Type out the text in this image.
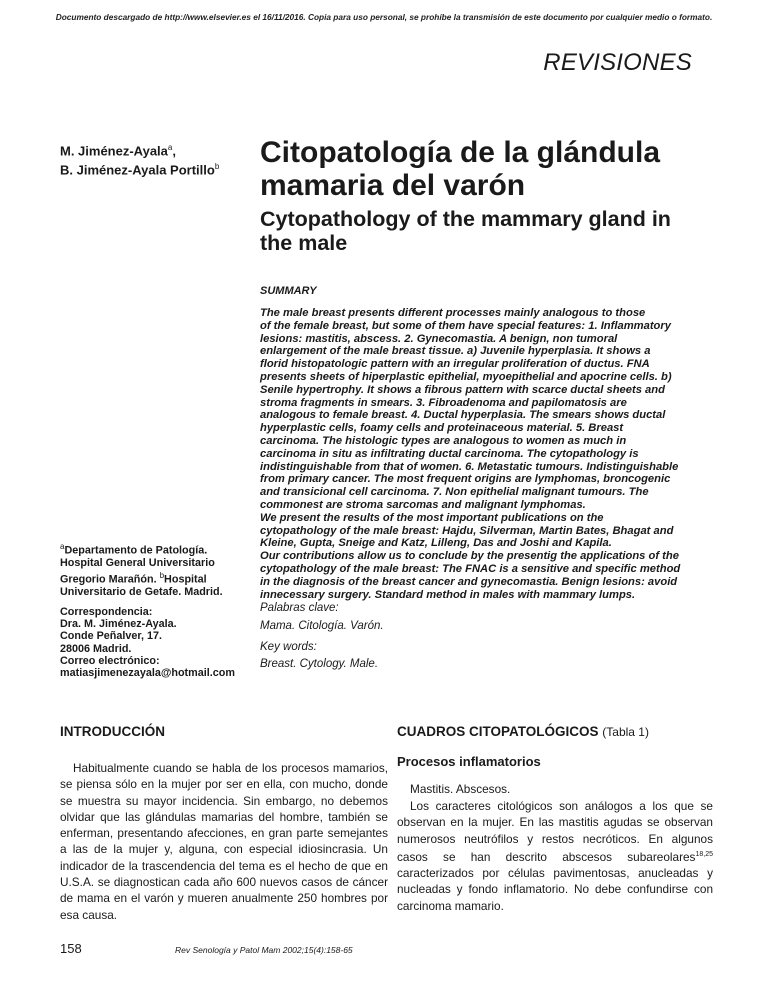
Documento descargado de http://www.elsevier.es el 16/11/2016. Copia para uso personal, se prohíbe la transmisión de este documento por cualquier medio o formato.
REVISIONES
M. Jiménez-Ayala$^a$,
B. Jiménez-Ayala Portillo$^b$	Citopatología de la glándula mamaria del varón
Cytopathology of the mammary gland in the male
SUMMARY
The male breast presents different processes mainly analogous to those
of the female breast, but some of them have special features: 1. Inflammatory
lesions: mastitis, abscess. 2. Gynecomastia. A benign, non tumoral
enlargement of the male breast tissue. a) Juvenile hyperplasia. It shows a
florid histopatologic pattern with an irregular proliferation of ductus. FNA
presents sheets of hiperplastic epithelial, myoepithelial and apocrine cells. b)
Senile hypertrophy. It shows a fibrous pattern with scarce ductal sheets and
stroma fragments in smears. 3. Fibroadenoma and papilomatosis are
analogous to female breast. 4. Ductal hyperplasia. The smears shows ductal
hyperplastic cells, foamy cells and proteinaceous material. 5. Breast
carcinoma. The histologic types are analogous to women as much in
carcinoma in situ as infiltrating ductal carcinoma. The cytopathology is
indistinguishable from that of women. 6. Metastatic tumours. Indistinguishable
from primary cancer. The most frequent origins are lymphomas, broncogenic
and transicional cell carcinoma. 7. Non epithelial malignant tumours. The
commonest are stroma sarcomas and malignant lymphomas.
We present the results of the most important publications on the
cytopathology of the male breast: Hajdu, Silverman, Martin Bates, Bhagat and
Kleine, Gupta, Sneige and Katz, Lilleng, Das and Joshi and Kapila.
Our contributions allow us to conclude by the presentig the applications of the
cytopathology of the male breast: The FNAC is a sensitive and specific method
in the diagnosis of the breast cancer and gynecomastia. Benign lesions: avoid
innecessary surgery. Standard method in males with mammary lumps.
$^a$Departamento de Patología. Hospital General Universitario Gregorio Marañón. $^b$Hospital Universitario de Getafe. Madrid.
Correspondencia:
Dra. M. Jiménez-Ayala.
Conde Peñalver, 17.
28006 Madrid.
Correo electrónico:
matiasjimenezayala@hotmail.com
Palabras clave:
Mama. Citología. Varón.
Key words:
Breast. Cytology. Male.
INTRODUCCIÓN
Habitualmente cuando se habla de los procesos mamarios, se piensa sólo en la mujer por ser en ella, con mucho, donde se muestra su mayor incidencia. Sin embargo, no debemos olvidar que las glándulas mamarias del hombre, también se enferman, presentando afecciones, en gran parte semejantes a las de la mujer y, alguna, con especial idiosincrasia. Un indicador de la trascendencia del tema es el hecho de que en U.S.A. se diagnostican cada año 600 nuevos casos de cáncer de mama en el varón y mueren anualmente 250 hombres por esa causa.
CUADROS CITOPATOLÓGICOS (Tabla 1)
Procesos inflamatorios
Mastitis. Abscesos.
Los caracteres citológicos son análogos a los que se observan en la mujer. En las mastitis agudas se observan numerosos neutrófilos y restos necróticos. En algunos casos se han descrito abscesos subareolares$^{18,25}$ caracterizados por células pavimentosas, anucleadas y nucleadas y fondo inflamatorio. No debe confundirse con carcinoma mamario.
158	Rev Senología y Patol Mam 2002;15(4):158-65
